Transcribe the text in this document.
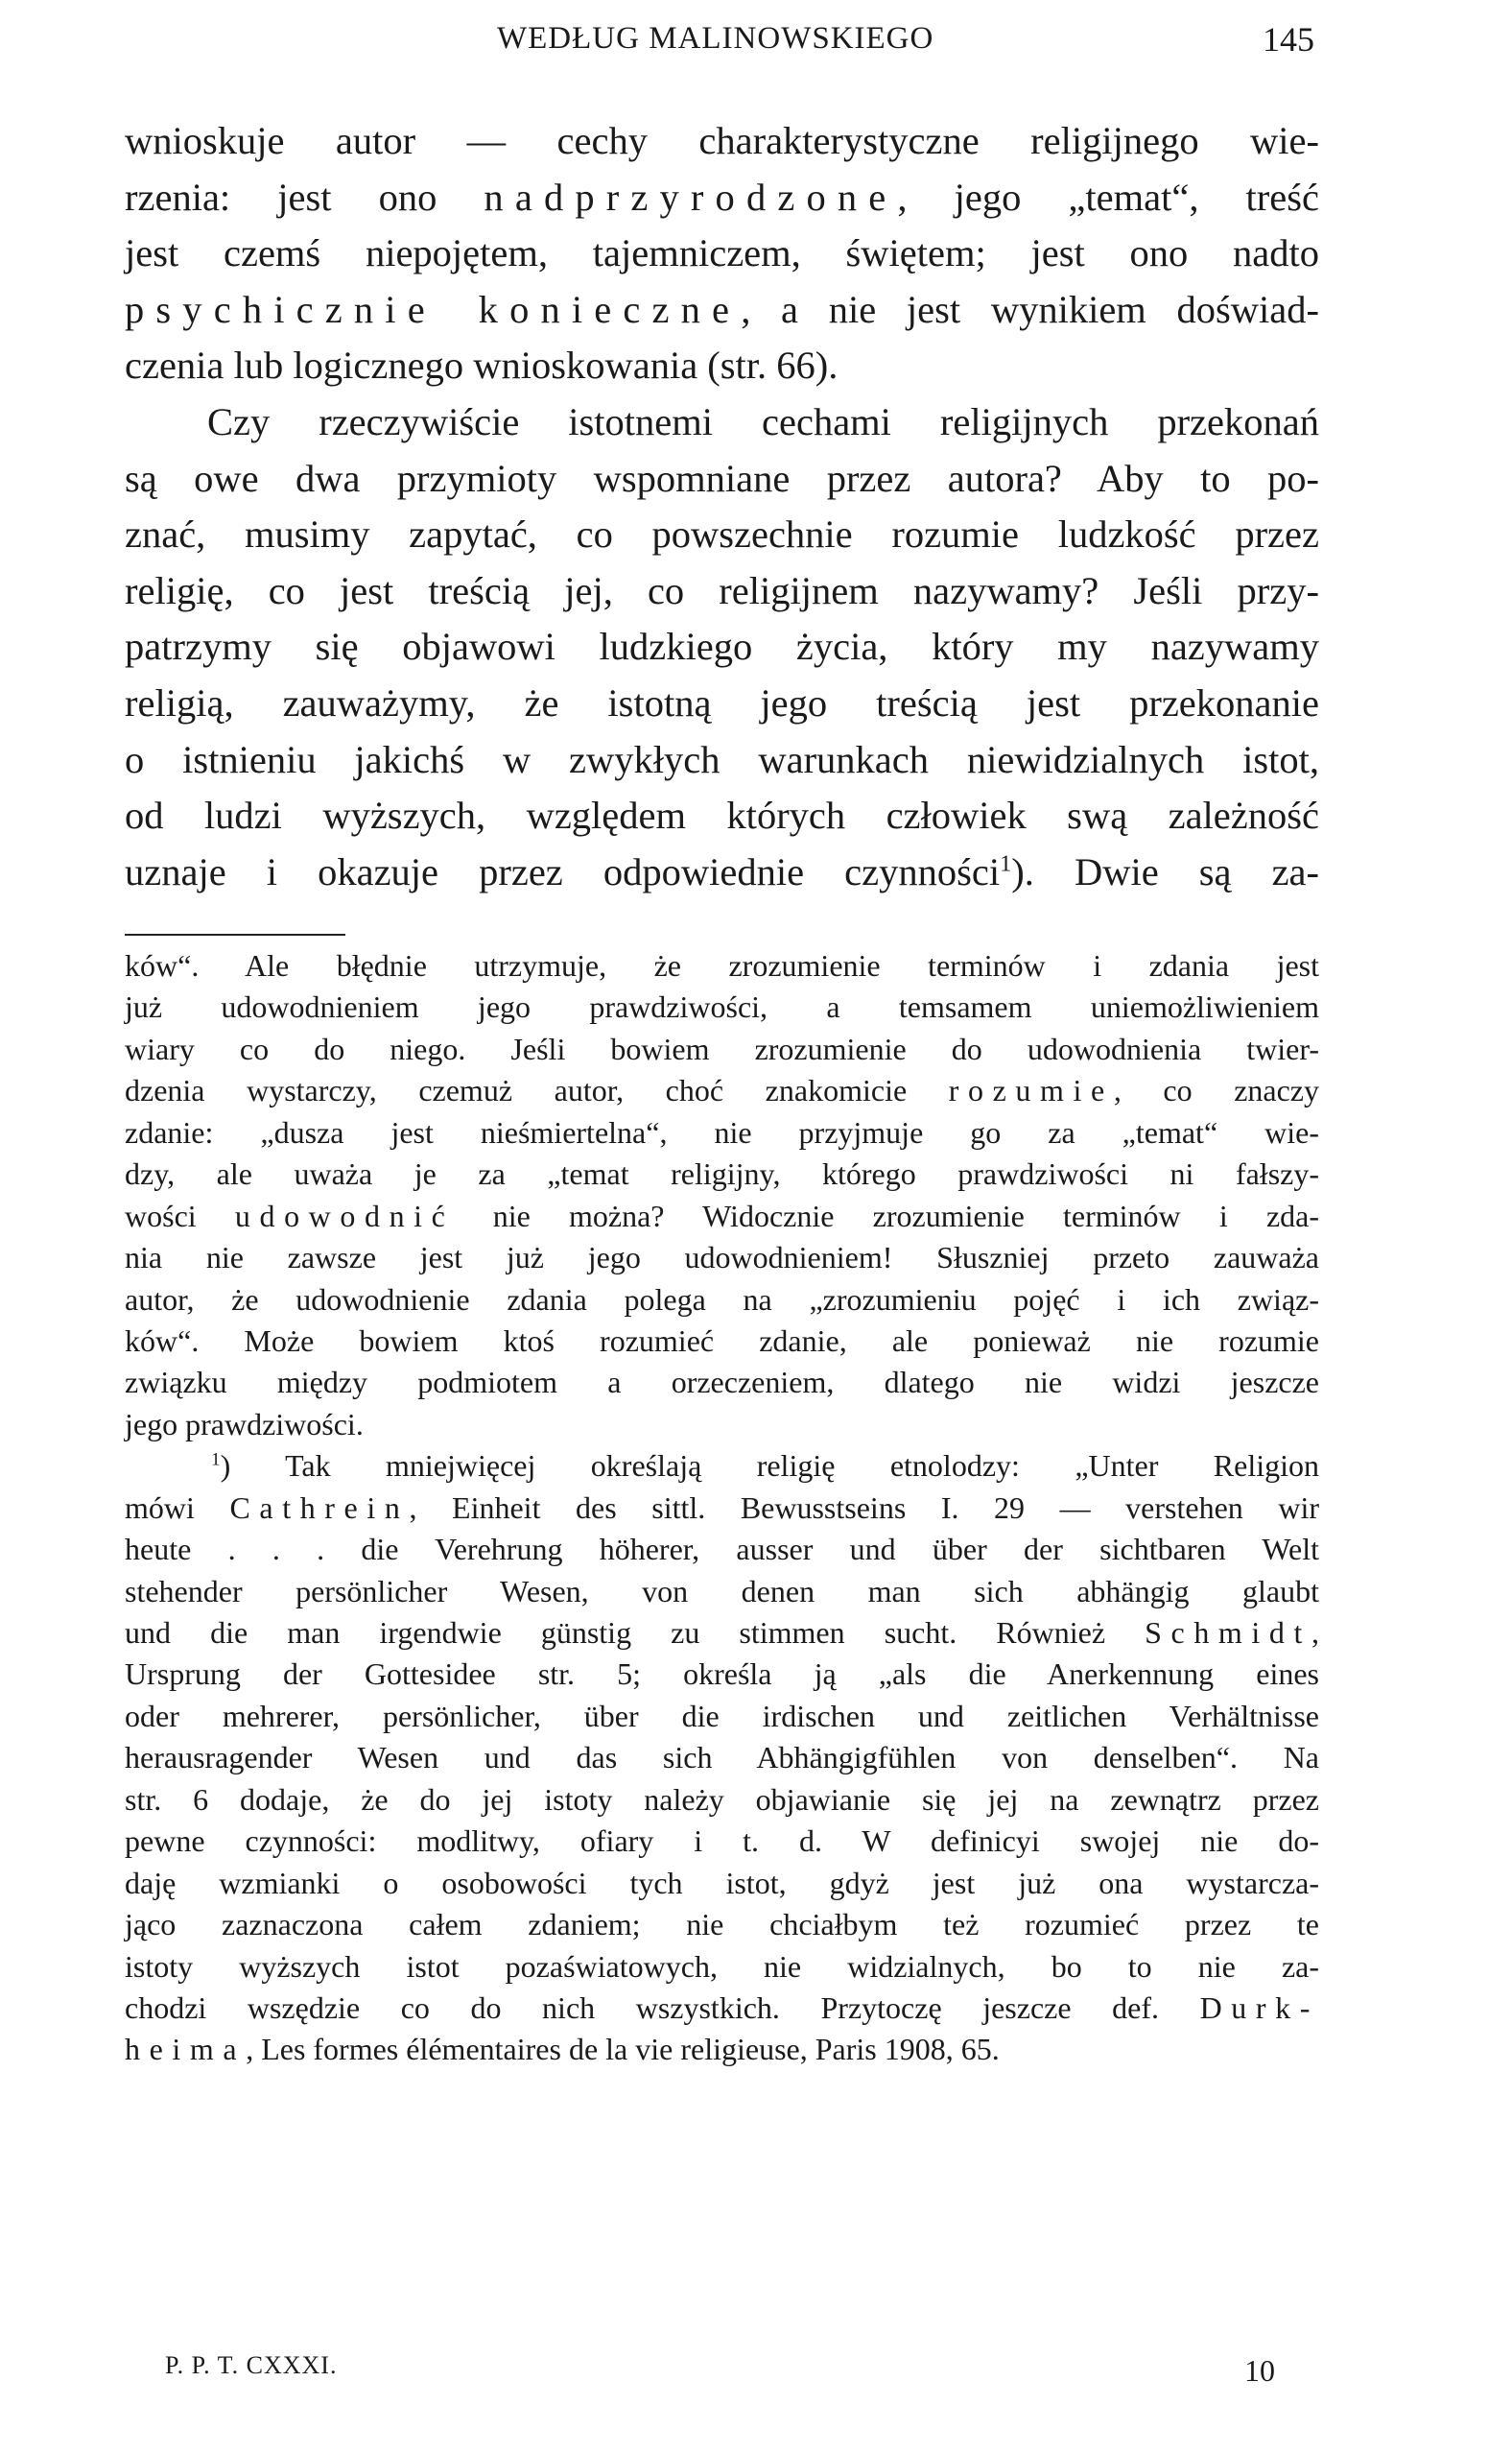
WEDŁUG MALINOWSKIEGO	145
wnioskuje autor — cechy charakterystyczne religijnego wie-
rzenia: jest ono nadprzyrodzone, jego „temat“, treść
jest czemś niepojętem, tajemniczem, świętem; jest ono nadto
psychicznie konieczne, a nie jest wynikiem doświad-
czenia lub logicznego wnioskowania (str. 66).
Czy rzeczywiście istotnemi cechami religijnych przekonań
są owe dwa przymioty wspomniane przez autora? Aby to po-
znać, musimy zapytać, co powszechnie rozumie ludzkość przez
religię, co jest treścią jej, co religijnem nazywamy? Jeśli przy-
patrzymy się objawowi ludzkiego życia, który my nazywamy
religią, zauważymy, że istotną jego treścią jest przekonanie
o istnieniu jakichś w zwykłych warunkach niewidzialnych istot,
od ludzi wyższych, względem których człowiek swą zależność
uznaje i okazuje przez odpowiednie czynności$^1$). Dwie są za-
ków“. Ale błędnie utrzymuje, że zrozumienie terminów i zdania jest
już udowodnieniem jego prawdziwości, a temsamem uniemożliwieniem
wiary co do niego. Jeśli bowiem zrozumienie do udowodnienia twier-
dzenia wystarczy, czemuż autor, choć znakomicie rozumie, co znaczy
zdanie: „dusza jest nieśmiertelna“, nie przyjmuje go za „temat“ wie-
dzy, ale uważa je za „temat religijny, którego prawdziwości ni fałszy-
wości udowodnić nie można? Widocznie zrozumienie terminów i zda-
nia nie zawsze jest już jego udowodnieniem! Słuszniej przeto zauważa
autor, że udowodnienie zdania polega na „zrozumieniu pojęć i ich związ-
ków“. Może bowiem ktoś rozumieć zdanie, ale ponieważ nie rozumie
związku między podmiotem a orzeczeniem, dlatego nie widzi jeszcze
jego prawdziwości.
$^1$) Tak mniejwięcej określają religię etnolodzy: „Unter Religion
mówi Cathrein, Einheit des sittl. Bewusstseins I. 29 — verstehen wir
heute . . . die Verehrung höherer, ausser und über der sichtbaren Welt
stehender persönlicher Wesen, von denen man sich abhängig glaubt
und die man irgendwie günstig zu stimmen sucht. Również Schmidt,
Ursprung der Gottesidee str. 5; określa ją „als die Anerkennung eines
oder mehrerer, persönlicher, über die irdischen und zeitlichen Verhältnisse
herausragender Wesen und das sich Abhängigfühlen von denselben“. Na
str. 6 dodaje, że do jej istoty należy objawianie się jej na zewnątrz przez
pewne czynności: modlitwy, ofiary i t. d. W definicyi swojej nie do-
daję wzmianki o osobowości tych istot, gdyż jest już ona wystarcza-
jąco zaznaczona całem zdaniem; nie chciałbym też rozumieć przez te
istoty wyższych istot pozaświatowych, nie widzialnych, bo to nie za-
chodzi wszędzie co do nich wszystkich. Przytoczę jeszcze def. Durk-
heima, Les formes élémentaires de la vie religieuse, Paris 1908, 65.
P. P. T. CXXXI.	10
